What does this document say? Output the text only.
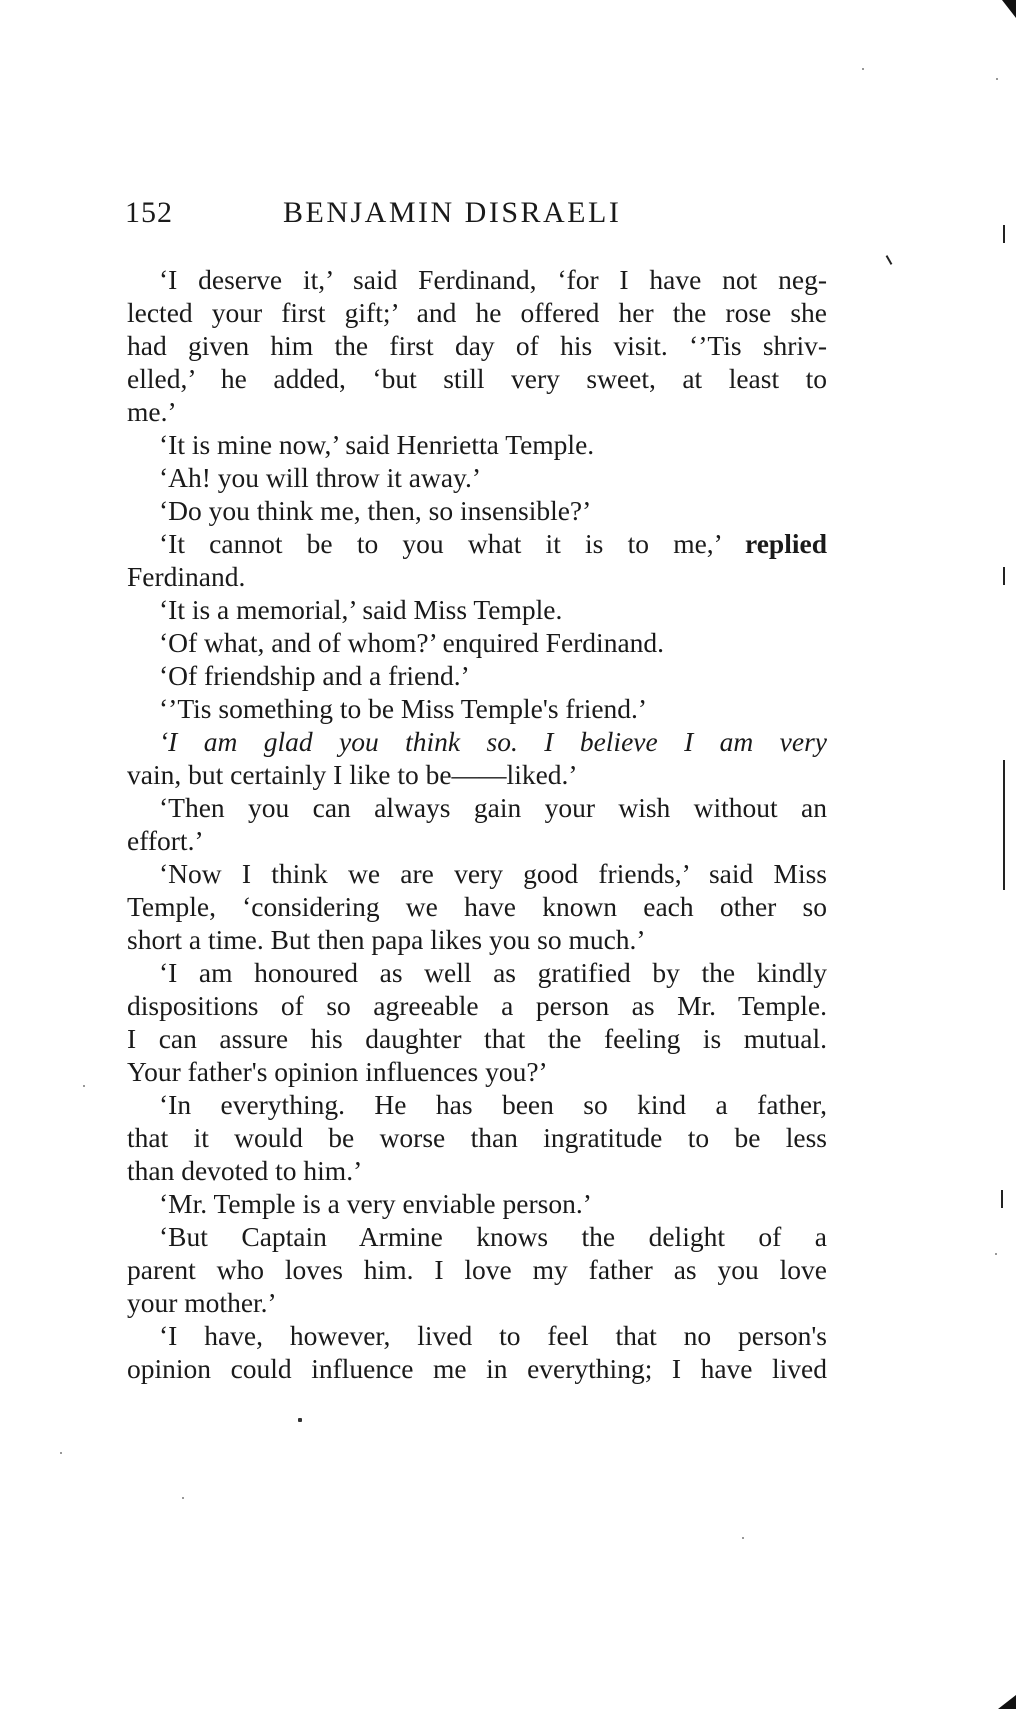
152	BENJAMIN DISRAELI
‘I deserve it,’ said Ferdinand, ‘for I have not neg-
lected your first gift;’ and he offered her the rose she
had given him the first day of his visit. ‘’Tis shriv-
elled,’ he added, ‘but still very sweet, at least to
me.’
‘It is mine now,’ said Henrietta Temple.
‘Ah! you will throw it away.’
‘Do you think me, then, so insensible?’
‘It cannot be to you what it is to me,’ replied
Ferdinand.
‘It is a memorial,’ said Miss Temple.
‘Of what, and of whom?’ enquired Ferdinand.
‘Of friendship and a friend.’
‘’Tis something to be Miss Temple's friend.’
‘I am glad you think so. I believe I am very
vain, but certainly I like to be——liked.’
‘Then you can always gain your wish without an
effort.’
‘Now I think we are very good friends,’ said Miss
Temple, ‘considering we have known each other so
short a time. But then papa likes you so much.’
‘I am honoured as well as gratified by the kindly
dispositions of so agreeable a person as Mr. Temple.
I can assure his daughter that the feeling is mutual.
Your father's opinion influences you?’
‘In everything. He has been so kind a father,
that it would be worse than ingratitude to be less
than devoted to him.’
‘Mr. Temple is a very enviable person.’
‘But Captain Armine knows the delight of a
parent who loves him. I love my father as you love
your mother.’
‘I have, however, lived to feel that no person's
opinion could influence me in everything; I have lived
